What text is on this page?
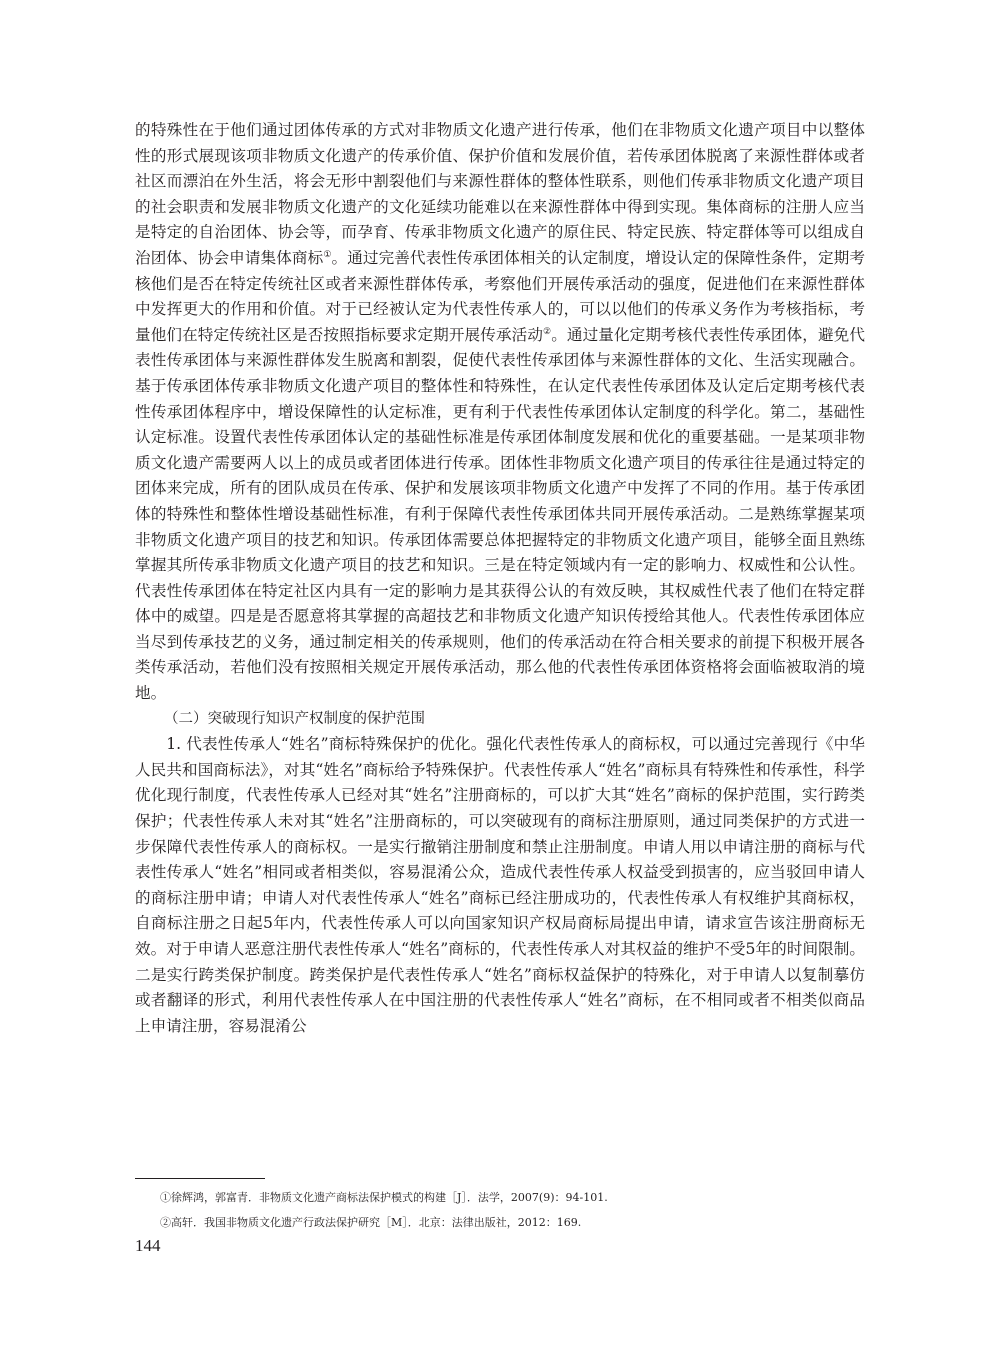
的特殊性在于他们通过团体传承的方式对非物质文化遗产进行传承，他们在非物质文化遗产项目中以整体性的形式展现该项非物质文化遗产的传承价值、保护价值和发展价值，若传承团体脱离了来源性群体或者社区而漂泊在外生活，将会无形中割裂他们与来源性群体的整体性联系，则他们传承非物质文化遗产项目的社会职责和发展非物质文化遗产的文化延续功能难以在来源性群体中得到实现。集体商标的注册人应当是特定的自治团体、协会等，而孕育、传承非物质文化遗产的原住民、特定民族、特定群体等可以组成自治团体、协会申请集体商标①。通过完善代表性传承团体相关的认定制度，增设认定的保障性条件，定期考核他们是否在特定传统社区或者来源性群体传承，考察他们开展传承活动的强度，促进他们在来源性群体中发挥更大的作用和价值。对于已经被认定为代表性传承人的，可以以他们的传承义务作为考核指标，考量他们在特定传统社区是否按照指标要求定期开展传承活动②。通过量化定期考核代表性传承团体，避免代表性传承团体与来源性群体发生脱离和割裂，促使代表性传承团体与来源性群体的文化、生活实现融合。基于传承团体传承非物质文化遗产项目的整体性和特殊性，在认定代表性传承团体及认定后定期考核代表性传承团体程序中，增设保障性的认定标准，更有利于代表性传承团体认定制度的科学化。第二，基础性认定标准。设置代表性传承团体认定的基础性标准是传承团体制度发展和优化的重要基础。一是某项非物质文化遗产需要两人以上的成员或者团体进行传承。团体性非物质文化遗产项目的传承往往是通过特定的团体来完成，所有的团队成员在传承、保护和发展该项非物质文化遗产中发挥了不同的作用。基于传承团体的特殊性和整体性增设基础性标准，有利于保障代表性传承团体共同开展传承活动。二是熟练掌握某项非物质文化遗产项目的技艺和知识。传承团体需要总体把握特定的非物质文化遗产项目，能够全面且熟练掌握其所传承非物质文化遗产项目的技艺和知识。三是在特定领域内有一定的影响力、权威性和公认性。代表性传承团体在特定社区内具有一定的影响力是其获得公认的有效反映，其权威性代表了他们在特定群体中的威望。四是是否愿意将其掌握的高超技艺和非物质文化遗产知识传授给其他人。代表性传承团体应当尽到传承技艺的义务，通过制定相关的传承规则，他们的传承活动在符合相关要求的前提下积极开展各类传承活动，若他们没有按照相关规定开展传承活动，那么他的代表性传承团体资格将会面临被取消的境地。

（二）突破现行知识产权制度的保护范围

1. 代表性传承人“姓名”商标特殊保护的优化。强化代表性传承人的商标权，可以通过完善现行《中华人民共和国商标法》，对其“姓名”商标给予特殊保护。代表性传承人“姓名”商标具有特殊性和传承性，科学优化现行制度，代表性传承人已经对其“姓名”注册商标的，可以扩大其“姓名”商标的保护范围，实行跨类保护；代表性传承人未对其“姓名”注册商标的，可以突破现有的商标注册原则，通过同类保护的方式进一步保障代表性传承人的商标权。一是实行撤销注册制度和禁止注册制度。申请人用以申请注册的商标与代表性传承人“姓名”相同或者相类似，容易混淆公众，造成代表性传承人权益受到损害的，应当驳回申请人的商标注册申请；申请人对代表性传承人“姓名”商标已经注册成功的，代表性传承人有权维护其商标权，自商标注册之日起5年内，代表性传承人可以向国家知识产权局商标局提出申请，请求宣告该注册商标无效。对于申请人恶意注册代表性传承人“姓名”商标的，代表性传承人对其权益的维护不受5年的时间限制。二是实行跨类保护制度。跨类保护是代表性传承人“姓名”商标权益保护的特殊化，对于申请人以复制摹仿或者翻译的形式，利用代表性传承人在中国注册的代表性传承人“姓名”商标，在不相同或者不相类似商品上申请注册，容易混淆公

①徐辉鸿，郭富青．非物质文化遗产商标法保护模式的构建［J］．法学，2007(9)：94-101.

②高轩．我国非物质文化遗产行政法保护研究［M］．北京：法律出版社，2012：169.

144
